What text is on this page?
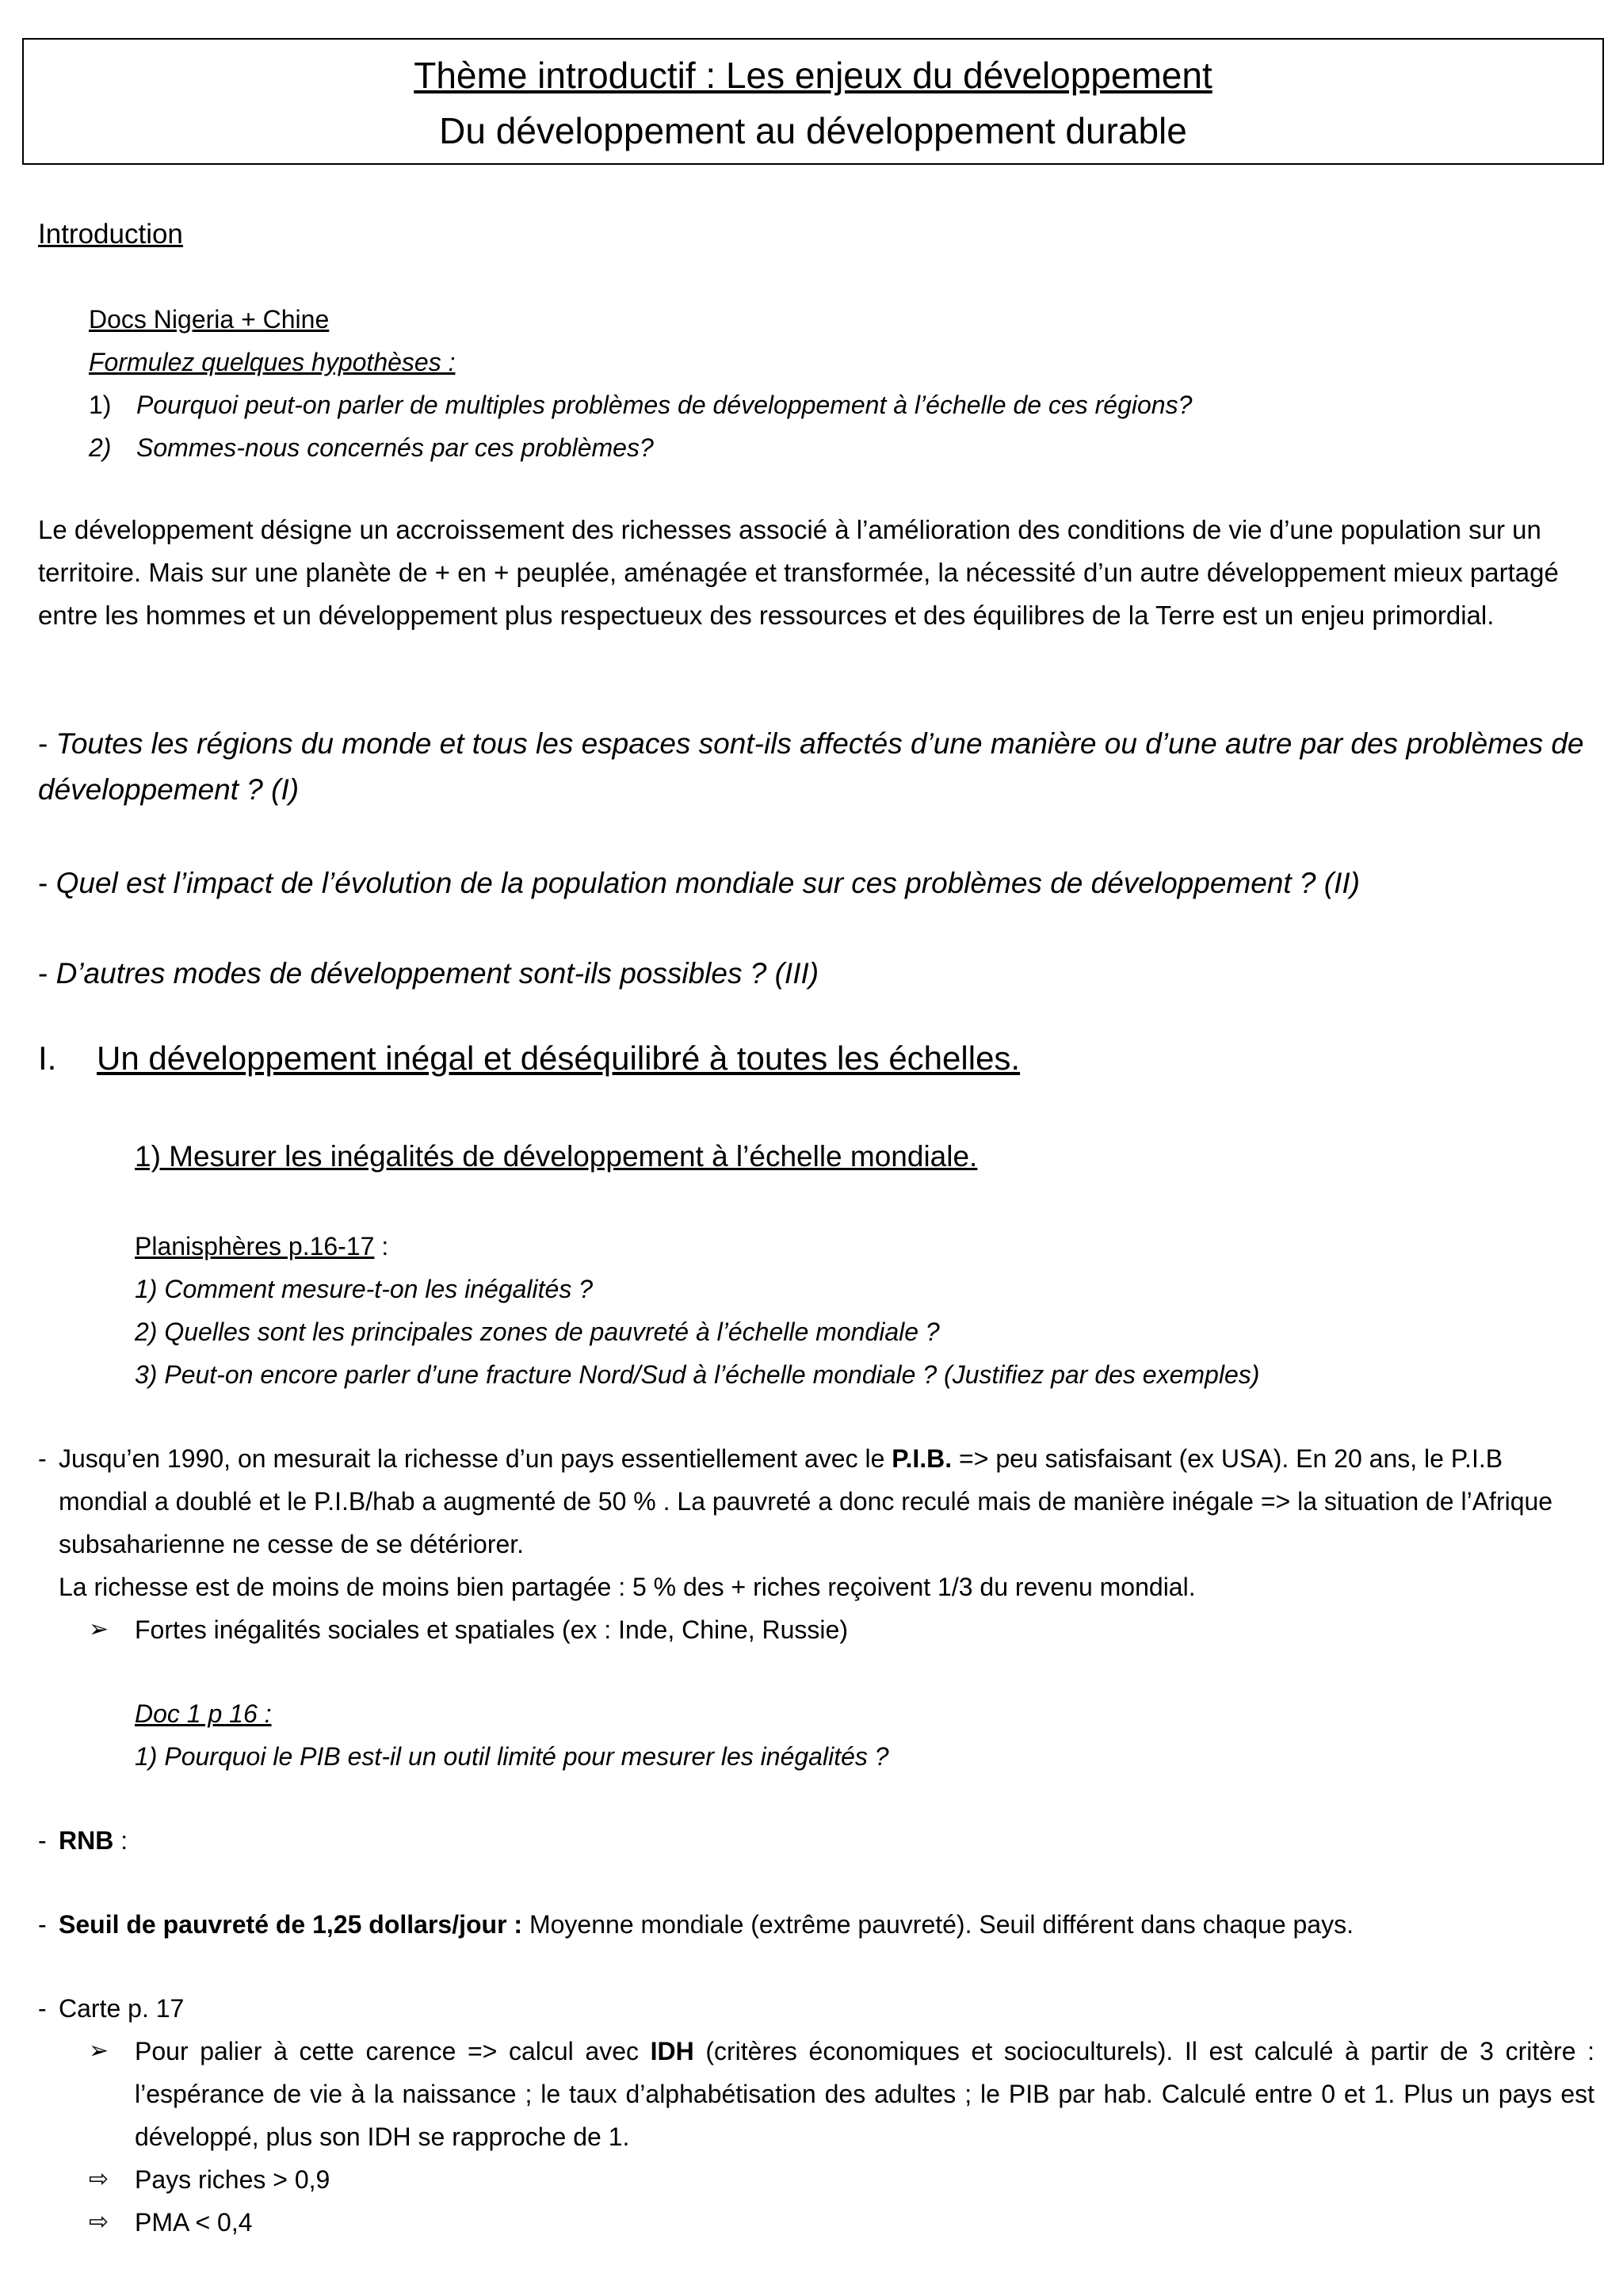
Thème introductif : Les enjeux du développement
Du développement au développement durable
Introduction
Docs Nigeria + Chine
Formulez quelques hypothèses :
1) Pourquoi peut-on parler de multiples problèmes de développement à l’échelle de ces régions?
2) Sommes-nous concernés par ces problèmes?
Le développement désigne un accroissement des richesses associé à l’amélioration des conditions de vie d’une population sur un territoire. Mais sur une planète de + en + peuplée, aménagée et transformée, la nécessité d’un autre développement mieux partagé entre les hommes et un développement plus respectueux des ressources et des équilibres de la Terre est un enjeu primordial.
- Toutes les régions du monde et tous les espaces sont-ils affectés d’une manière ou d’une autre par des problèmes de développement ? (I)
- Quel est l’impact de l’évolution de la population mondiale sur ces problèmes de développement ? (II)
- D’autres modes de développement sont-ils possibles ? (III)
I. Un développement inégal et déséquilibré à toutes les échelles.
1) Mesurer les inégalités de développement à l’échelle mondiale.
Planisphères p.16-17 :
1) Comment mesure-t-on les inégalités ?
2) Quelles sont les principales zones de pauvreté à l’échelle mondiale ?
3) Peut-on encore parler d’une fracture Nord/Sud à l’échelle mondiale ? (Justifiez par des exemples)
- Jusqu’en 1990, on mesurait la richesse d’un pays essentiellement avec le P.I.B. => peu satisfaisant (ex USA). En 20 ans, le P.I.B mondial a doublé et le P.I.B/hab a augmenté de 50 % . La pauvreté a donc reculé mais de manière inégale => la situation de l’Afrique subsaharienne ne cesse de se détériorer.
La richesse est de moins de moins bien partagée : 5 % des + riches reçoivent 1/3 du revenu mondial.
➢ Fortes inégalités sociales et spatiales (ex : Inde, Chine, Russie)
Doc 1 p 16 :
1) Pourquoi le PIB est-il un outil limité pour mesurer les inégalités ?
- RNB :
- Seuil de pauvreté de 1,25 dollars/jour : Moyenne mondiale (extrême pauvreté). Seuil différent dans chaque pays.
- Carte p. 17
➢ Pour palier à cette carence => calcul avec IDH (critères économiques et socioculturels). Il est calculé à partir de 3 critère : l’espérance de vie à la naissance ; le taux d’alphabétisation des adultes ; le PIB par hab. Calculé entre 0 et 1. Plus un pays est développé, plus son IDH se rapproche de 1.
⇨ Pays riches > 0,9
⇨ PMA < 0,4
